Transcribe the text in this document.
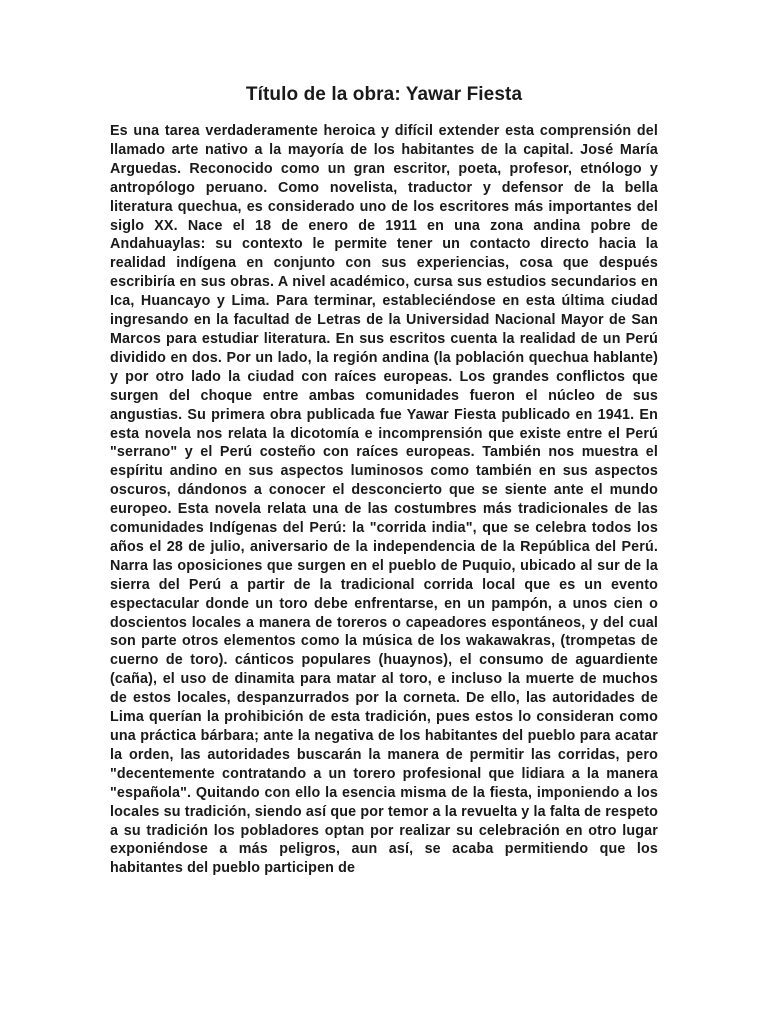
Título de la obra: Yawar Fiesta

Es una tarea verdaderamente heroica y difícil extender esta comprensión del llamado arte nativo a la mayoría de los habitantes de la capital. José María Arguedas. Reconocido como un gran escritor, poeta, profesor, etnólogo y antropólogo peruano. Como novelista, traductor y defensor de la bella literatura quechua, es considerado uno de los escritores más importantes del siglo XX. Nace el 18 de enero de 1911 en una zona andina pobre de Andahuaylas: su contexto le permite tener un contacto directo hacia la realidad indígena en conjunto con sus experiencias, cosa que después escribiría en sus obras. A nivel académico, cursa sus estudios secundarios en Ica, Huancayo y Lima. Para terminar, estableciéndose en esta última ciudad ingresando en la facultad de Letras de la Universidad Nacional Mayor de San Marcos para estudiar literatura. En sus escritos cuenta la realidad de un Perú dividido en dos. Por un lado, la región andina (la población quechua hablante) y por otro lado la ciudad con raíces europeas. Los grandes conflictos que surgen del choque entre ambas comunidades fueron el núcleo de sus angustias. Su primera obra publicada fue Yawar Fiesta publicado en 1941. En esta novela nos relata la dicotomía e incomprensión que existe entre el Perú "serrano" y el Perú costeño con raíces europeas. También nos muestra el espíritu andino en sus aspectos luminosos como también en sus aspectos oscuros, dándonos a conocer el desconcierto que se siente ante el mundo europeo. Esta novela relata una de las costumbres más tradicionales de las comunidades Indígenas del Perú: la "corrida india", que se celebra todos los años el 28 de julio, aniversario de la independencia de la República del Perú. Narra las oposiciones que surgen en el pueblo de Puquio, ubicado al sur de la sierra del Perú a partir de la tradicional corrida local que es un evento espectacular donde un toro debe enfrentarse, en un pampón, a unos cien o doscientos locales a manera de toreros o capeadores espontáneos, y del cual son parte otros elementos como la música de los wakawakras, (trompetas de cuerno de toro). cánticos populares (huaynos), el consumo de aguardiente (caña), el uso de dinamita para matar al toro, e incluso la muerte de muchos de estos locales, despanzurrados por la corneta. De ello, las autoridades de Lima querían la prohibición de esta tradición, pues estos lo consideran como una práctica bárbara; ante la negativa de los habitantes del pueblo para acatar la orden, las autoridades buscarán la manera de permitir las corridas, pero "decentemente contratando a un torero profesional que lidiara a la manera "española". Quitando con ello la esencia misma de la fiesta, imponiendo a los locales su tradición, siendo así que por temor a la revuelta y la falta de respeto a su tradición los pobladores optan por realizar su celebración en otro lugar exponiéndose a más peligros, aun así, se acaba permitiendo que los habitantes del pueblo participen de
